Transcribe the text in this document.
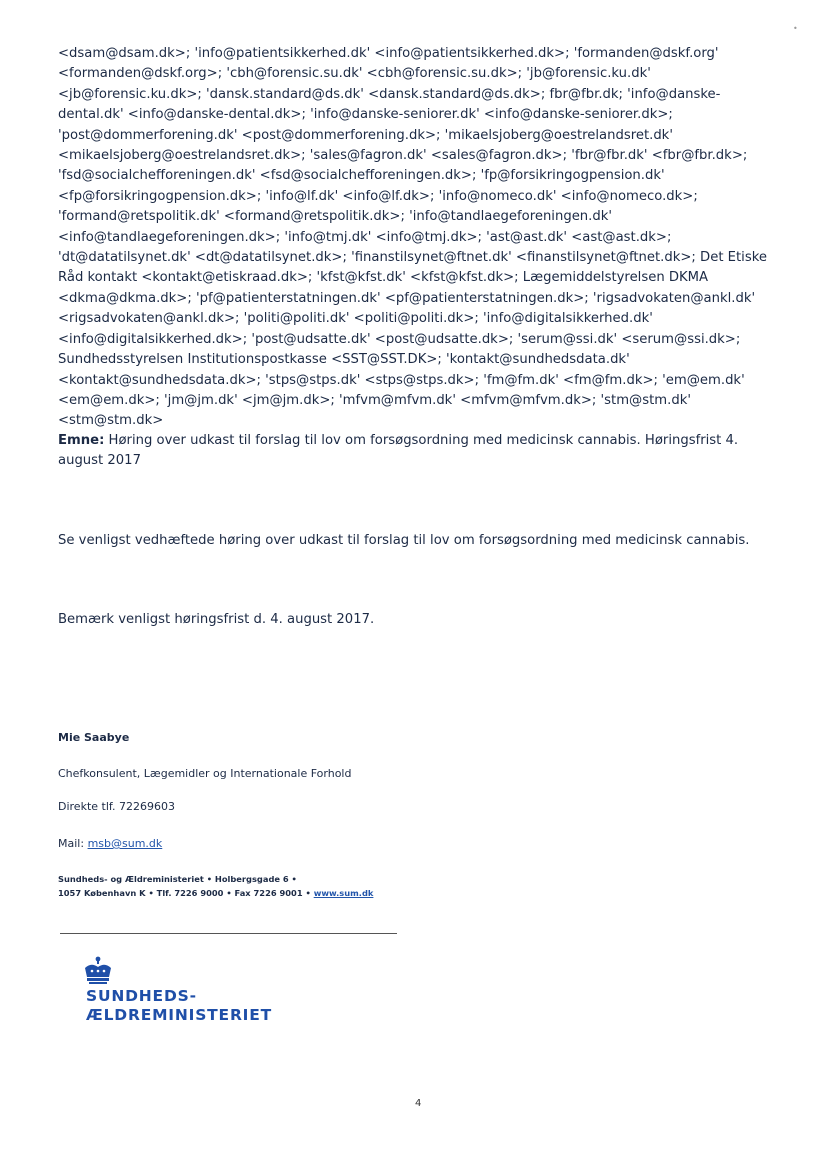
•
<dsam@dsam.dk>; 'info@patientsikkerhed.dk' <info@patientsikkerhed.dk>; 'formanden@dskf.org'
<formanden@dskf.org>; 'cbh@forensic.su.dk' <cbh@forensic.su.dk>; 'jb@forensic.ku.dk'
<jb@forensic.ku.dk>; 'dansk.standard@ds.dk' <dansk.standard@ds.dk>; fbr@fbr.dk; 'info@danske-
dental.dk' <info@danske-dental.dk>; 'info@danske-seniorer.dk' <info@danske-seniorer.dk>;
'post@dommerforening.dk' <post@dommerforening.dk>; 'mikaelsjoberg@oestrelandsret.dk'
<mikaelsjoberg@oestrelandsret.dk>; 'sales@fagron.dk' <sales@fagron.dk>; 'fbr@fbr.dk' <fbr@fbr.dk>;
'fsd@socialchefforeningen.dk' <fsd@socialchefforeningen.dk>; 'fp@forsikringogpension.dk'
<fp@forsikringogpension.dk>; 'info@lf.dk' <info@lf.dk>; 'info@nomeco.dk' <info@nomeco.dk>;
'formand@retspolitik.dk' <formand@retspolitik.dk>; 'info@tandlaegeforeningen.dk'
<info@tandlaegeforeningen.dk>; 'info@tmj.dk' <info@tmj.dk>; 'ast@ast.dk' <ast@ast.dk>;
'dt@datatilsynet.dk' <dt@datatilsynet.dk>; 'finanstilsynet@ftnet.dk' <finanstilsynet@ftnet.dk>; Det Etiske
Råd kontakt <kontakt@etiskraad.dk>; 'kfst@kfst.dk' <kfst@kfst.dk>; Lægemiddelstyrelsen DKMA
<dkma@dkma.dk>; 'pf@patienterstatningen.dk' <pf@patienterstatningen.dk>; 'rigsadvokaten@ankl.dk'
<rigsadvokaten@ankl.dk>; 'politi@politi.dk' <politi@politi.dk>; 'info@digitalsikkerhed.dk'
<info@digitalsikkerhed.dk>; 'post@udsatte.dk' <post@udsatte.dk>; 'serum@ssi.dk' <serum@ssi.dk>;
Sundhedsstyrelsen Institutionspostkasse <SST@SST.DK>; 'kontakt@sundhedsdata.dk'
<kontakt@sundhedsdata.dk>; 'stps@stps.dk' <stps@stps.dk>; 'fm@fm.dk' <fm@fm.dk>; 'em@em.dk'
<em@em.dk>; 'jm@jm.dk' <jm@jm.dk>; 'mfvm@mfvm.dk' <mfvm@mfvm.dk>; 'stm@stm.dk'
<stm@stm.dk>

Emne: Høring over udkast til forslag til lov om forsøgsordning med medicinsk cannabis. Høringsfrist 4. august 2017

Se venligst vedhæftede høring over udkast til forslag til lov om forsøgsordning med medicinsk cannabis.

Bemærk venligst høringsfrist d. 4. august 2017.

Mie Saabye

Chefkonsulent, Lægemidler og Internationale Forhold

Direkte tlf. 72269603

Mail: msb@sum.dk

Sundheds- og Ældreministeriet • Holbergsgade 6 •

1057 København K • Tlf. 7226 9000 • Fax 7226 9001 • www.sum.dk

SUNDHEDS-
ÆLDREMINISTERIET
4
